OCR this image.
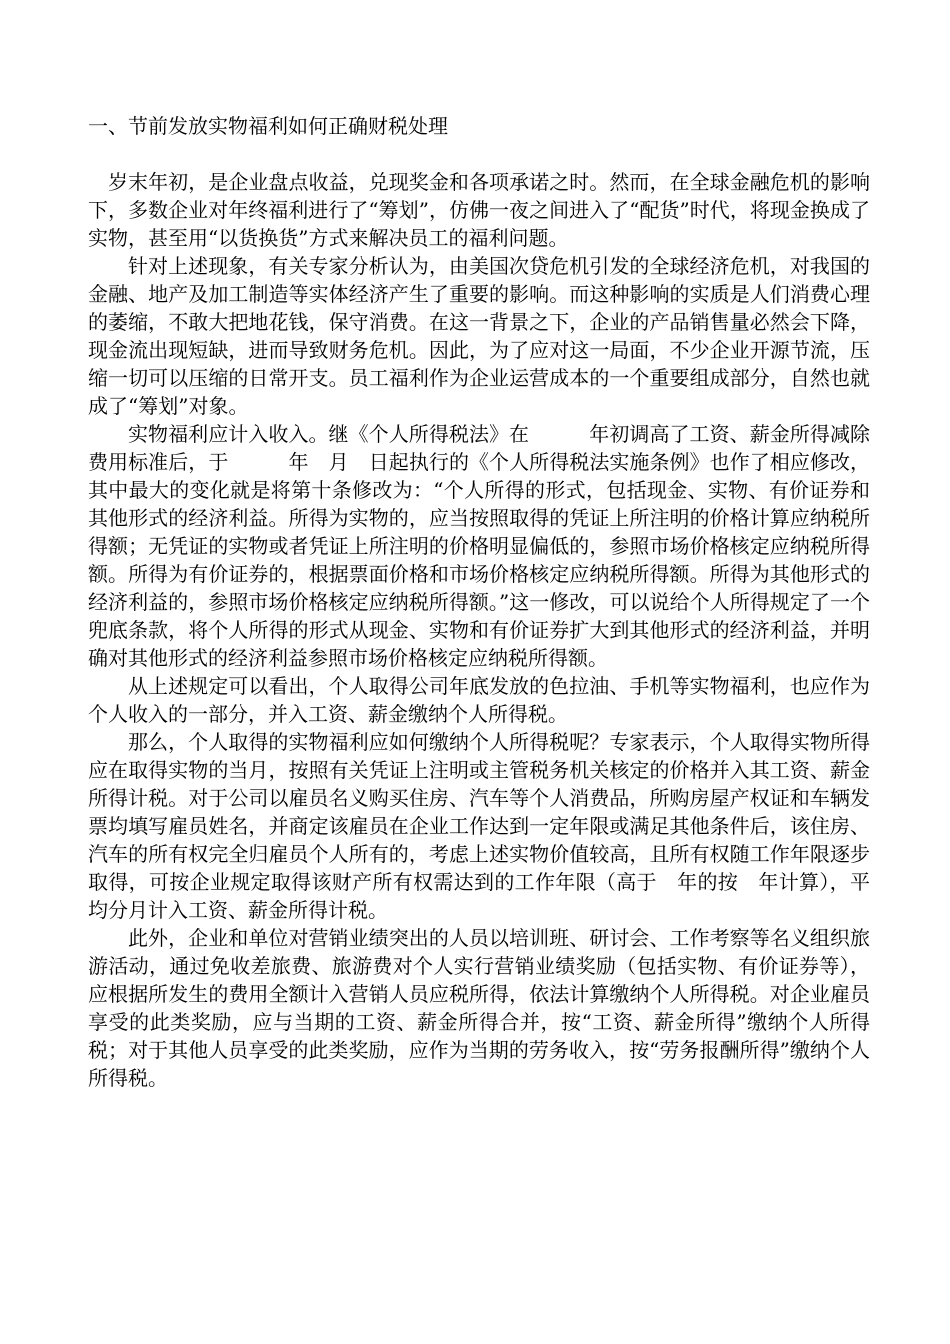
一、节前发放实物福利如何正确财税处理

岁末年初，是企业盘点收益，兑现奖金和各项承诺之时。然而，在全球金融危机的影响下，多数企业对年终福利进行了“筹划”，仿佛一夜之间进入了“配货”时代，将现金换成了实物，甚至用“以货换货”方式来解决员工的福利问题。

针对上述现象，有关专家分析认为，由美国次贷危机引发的全球经济危机，对我国的金融、地产及加工制造等实体经济产生了重要的影响。而这种影响的实质是人们消费心理的萎缩，不敢大把地花钱，保守消费。在这一背景之下，企业的产品销售量必然会下降，现金流出现短缺，进而导致财务危机。因此，为了应对这一局面，不少企业开源节流，压缩一切可以压缩的日常开支。员工福利作为企业运营成本的一个重要组成部分，自然也就成了“筹划”对象。

实物福利应计入收入。继《个人所得税法》在　　　年初调高了工资、薪金所得减除费用标准后，于　　　年　月　日起执行的《个人所得税法实施条例》也作了相应修改，其中最大的变化就是将第十条修改为：“个人所得的形式，包括现金、实物、有价证券和其他形式的经济利益。所得为实物的，应当按照取得的凭证上所注明的价格计算应纳税所得额；无凭证的实物或者凭证上所注明的价格明显偏低的，参照市场价格核定应纳税所得额。所得为有价证券的，根据票面价格和市场价格核定应纳税所得额。所得为其他形式的经济利益的，参照市场价格核定应纳税所得额。”这一修改，可以说给个人所得规定了一个兜底条款，将个人所得的形式从现金、实物和有价证券扩大到其他形式的经济利益，并明确对其他形式的经济利益参照市场价格核定应纳税所得额。

从上述规定可以看出，个人取得公司年底发放的色拉油、手机等实物福利，也应作为个人收入的一部分，并入工资、薪金缴纳个人所得税。

那么，个人取得的实物福利应如何缴纳个人所得税呢？专家表示，个人取得实物所得应在取得实物的当月，按照有关凭证上注明或主管税务机关核定的价格并入其工资、薪金所得计税。对于公司以雇员名义购买住房、汽车等个人消费品，所购房屋产权证和车辆发票均填写雇员姓名，并商定该雇员在企业工作达到一定年限或满足其他条件后，该住房、汽车的所有权完全归雇员个人所有的，考虑上述实物价值较高，且所有权随工作年限逐步取得，可按企业规定取得该财产所有权需达到的工作年限（高于　年的按　年计算），平均分月计入工资、薪金所得计税。

此外，企业和单位对营销业绩突出的人员以培训班、研讨会、工作考察等名义组织旅游活动，通过免收差旅费、旅游费对个人实行营销业绩奖励（包括实物、有价证券等），应根据所发生的费用全额计入营销人员应税所得，依法计算缴纳个人所得税。对企业雇员享受的此类奖励，应与当期的工资、薪金所得合并，按“工资、薪金所得”缴纳个人所得税；对于其他人员享受的此类奖励，应作为当期的劳务收入，按“劳务报酬所得”缴纳个人所得税。
